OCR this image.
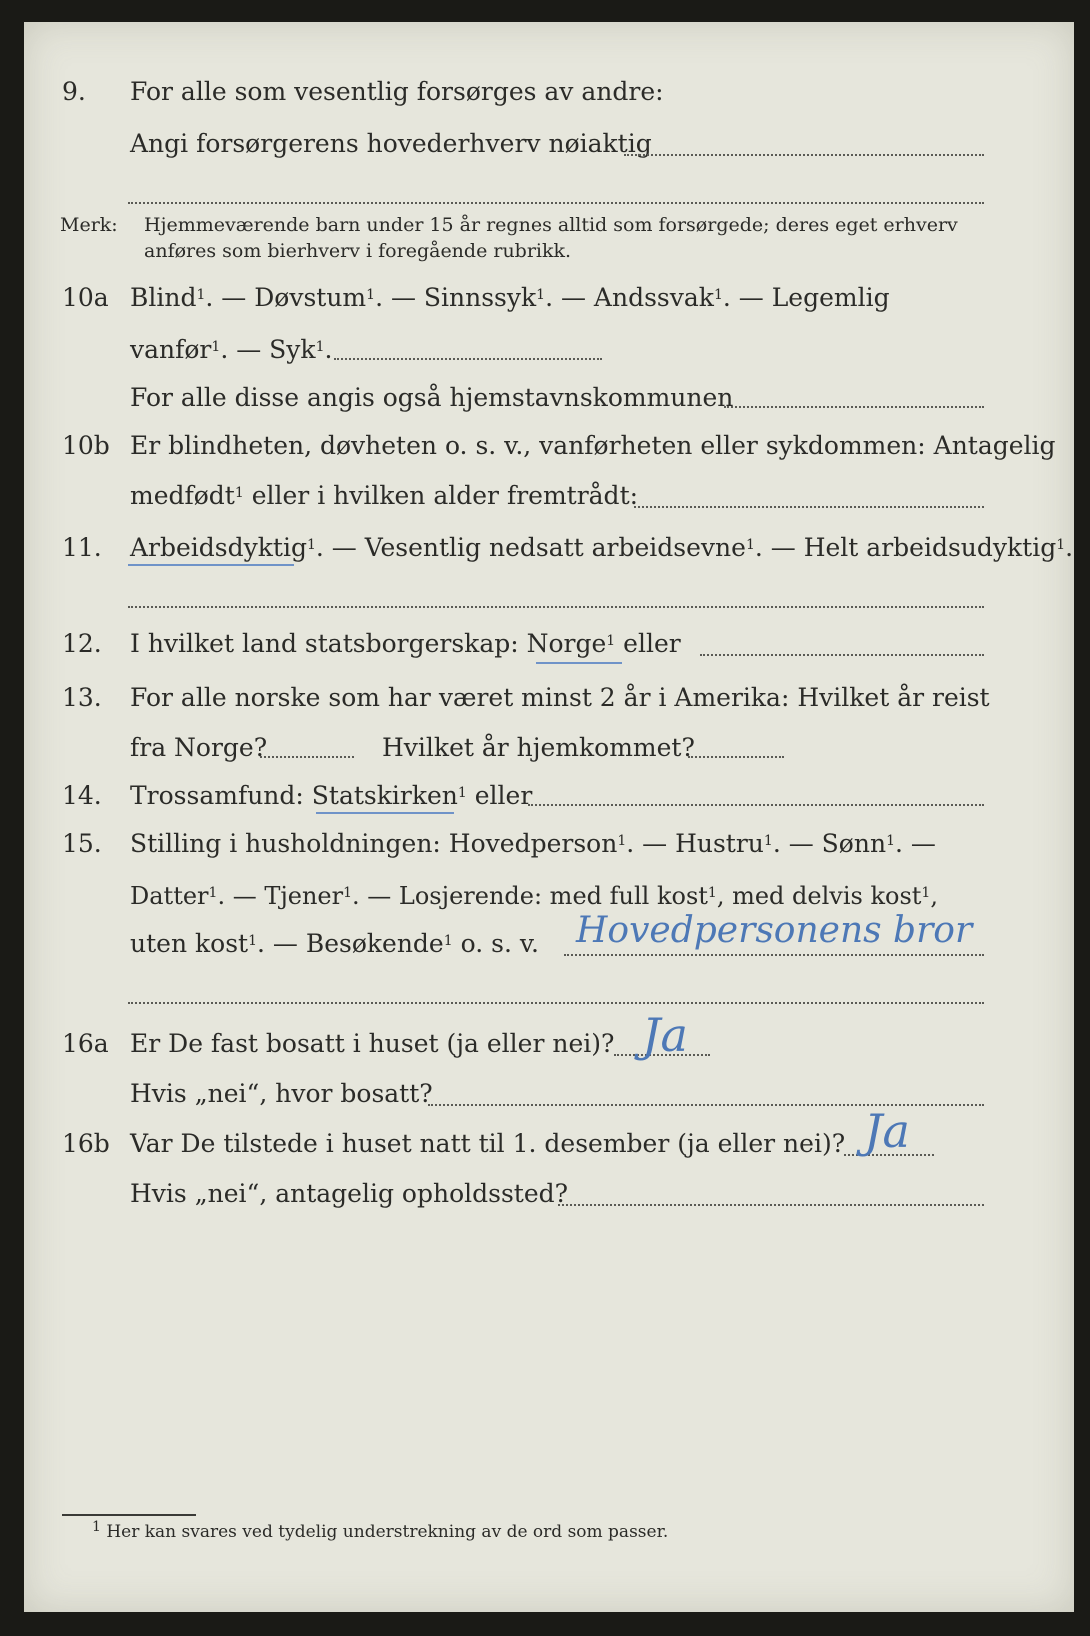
9. For alle som vesentlig forsørges av andre:
Angi forsørgerens hovederhverv nøiaktig
Merk: Hjemmeværende barn under 15 år regnes alltid som forsørgede; deres eget erhverv
anføres som bierhverv i foregående rubrikk.
10a Blind$^1$. — Døvstum$^1$. — Sinnssyk$^1$. — Andssvak$^1$. — Legemlig
vanfør$^1$. — Syk$^1$.
For alle disse angis også hjemstavnskommunen
10b Er blindheten, døvheten o. s. v., vanførheten eller sykdommen: Antagelig
medfødt$^1$ eller i hvilken alder fremtrådt:
11. Arbeidsdyktig$^1$. — Vesentlig nedsatt arbeidsevne$^1$. — Helt arbeidsudyktig$^1$.
12. I hvilket land statsborgerskap: Norge$^1$ eller
13. For alle norske som har været minst 2 år i Amerika: Hvilket år reist
fra Norge?	Hvilket år hjemkommet?
14. Trossamfund: Statskirken$^1$ eller
15. Stilling i husholdningen: Hovedperson$^1$. — Hustru$^1$. — Sønn$^1$. —
Datter$^1$. — Tjener$^1$. — Losjerende: med full kost$^1$, med delvis kost$^1$,
uten kost$^1$. — Besøkende$^1$ o. s. v. Hovedpersonens bror
16a Er De fast bosatt i huset (ja eller nei)? Ja
Hvis „nei“, hvor bosatt?
16b Var De tilstede i huset natt til 1. desember (ja eller nei)? Ja
Hvis „nei“, antagelig opholdssted?
$^1$ Her kan svares ved tydelig understrekning av de ord som passer.
